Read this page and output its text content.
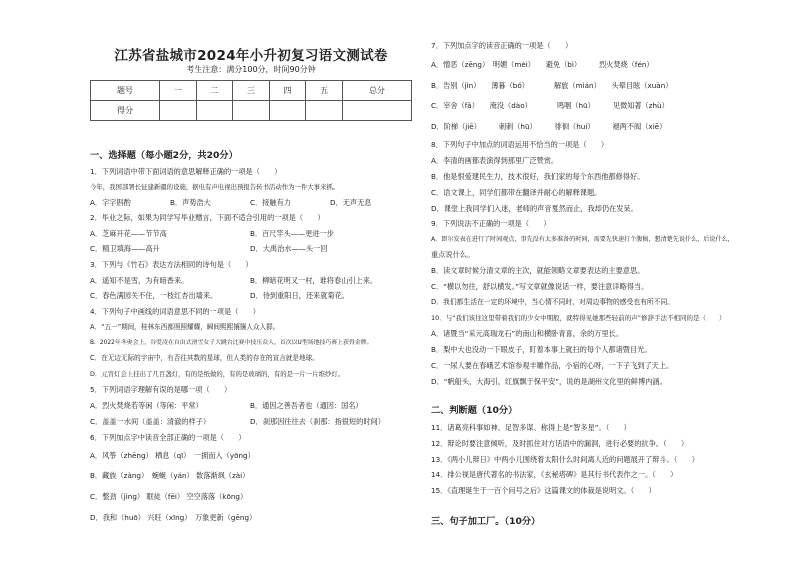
江苏省盐城市2024年小升初复习语文测试卷
考生注意：满分100分，时间90分钟
题号	一	二	三	四	五	总分
得分						
一、选择题（每小题2分，共20分）
1．下列词语中带下面词语的意思解释正确的一项是（　　）
今年，我国部署长征建新疆的设施，据电有声电视出预报告转书活动作为一件大事来抓。
A．字字斟酌	B．声势浩大	C．接触有力	D．无声无息
2．毕业之际，如果为同学写毕业赠言，下面不适合引用的一项是（　　）
A．芝麻开花——节节高	B．百尺竿头——更进一步
C．精卫填海——高升	D．大禹治水——头一回
3．下列与《竹石》表达方法相同的诗句是（　　）
A．遥知不是雪，为有暗香来。	B．柳暗花明又一村，谁将春山引上来。
C．春色满园关不住，一枝红杏出墙来。	D．待到重阳日，还来就菊花。
4．下列句子中画线的词语意思不同的一项是（　　）
A．“五一”期间，桂林东西都照照耀耀，瞬间熙熙攘攘人众人群。
B．2022年冬奥会上，谷爱凌在自由式滑雪女子大跳台比赛中技压众人，首次以U型场地技巧赛上获得金牌。
C．在无边无际的宇宙中，有否往其数的星球，但人类的存在的宣言就是地球。
D．元宵灯会上挂出了几百盏灯，有的是纸做的，有的是玻璃的，有的是一片一片堆纱灯。
5．下列词语字理解有误的是哪一项（　　）
A．烈火焚烧若等闲（等闲：平常）	B．通因之善吾者也（通因：国名）
C．盖盖一水间（盖盖：清澈的样子）	D．刹那因往往去（刹那：指很短的时间）
6．下列加点字中读音全部正确的一项是（　　）
A．风筝（zhēng） 栖息（qī）　一拥而入（yōng）
B．藏族（zàng）　蜿蜒（yán） 数落渐飒（zài）
C．整劲（jìng） 眶徒（fēi） 空空落落（kōng）
D．我和（huō） 兴旺（xīng）　万象更新（gēng）
7．下列加点字的读音正确的一项是（　　）
A．憎恶（zēng）　明媚（mèi）　　避免（bì）　　　烈火焚烧（fén）
B．告别（jìn）　　薄暮（bó）　　　　解旅（mián）　　头晕目眩（xuàn）
C．宰舍（fǎ）　　淹没（dào）　　　　鸣咽（hū）　　　见微知著（zhù）
D．阶梯（jiē）　　　刺刺（hū）　　　徘徊（huí）　　　褪两不阀（xiē）
8．下列句子中加点的词语运用不恰当的一项是（　　）
A．李清的画都表演得到那里广泛赞赏。
B．他是恨爱建民生力，技术很好，我们家的每个东西他都修得好。
C．语文课上，同学们都带在翻译并耐心的解释课题。
D．课堂上我同学们入迷，老师的声音戛然而止，我却仍在发呆。
9．下列说法不正确的一项是（　　）
A．即尔发表在进行了时间观点，事先没有太多准备的时间，需要先快速打个腹稿，想清楚先说什么，后说什么，
重点说什么。
B．读文章时候分清文章的主次，就能领略文章要表达的主要意思。
C．“横以勿往，舒以横发。”写文章就像说话一样，要注意详略得当。
D．我们都生活在一定的环境中，当心情不同时，对周边事物的感受也有所不同。
10．与“我们该往这里带着我们的少女中期般，就特得见她那些轻前的声”修辞手法不相同的是（　　）
A．诸暨当“采元高瑞龙石”的南山和横卧青喜，余的万里长。
B．梨中大也没动一下眼皮子，盯着本事上就扫的每个人都诸暨目光。
C．一尿人要在春峨艺术馆参观丰雕作品，小宿的心呀，一下子飞到了天上。
D．“帆船头，大海引，红旗飘于保平安”，说的是湖州文化里的鲜博内涵。
二、判断题（10分）
11．诸葛亮科事如神、足智多谋、称得上是“智多星”。（　　）
12．辩论时要注意倾听，及时抓住对方话语中的漏洞，进行必要的抗争。（　　）
13．《两小儿辩日》中两小儿围绕着太阳什么时间离人近的问题展开了辩斗。（　　）
14．排公视是唐代著名的书法家，《玄秘塔碑》是其行书代表作之一。（　　）
15．《直理诞生于一百个问号之后》这篇课文的体裁是说明文。（　　）
三、句子加工厂。（10分）
